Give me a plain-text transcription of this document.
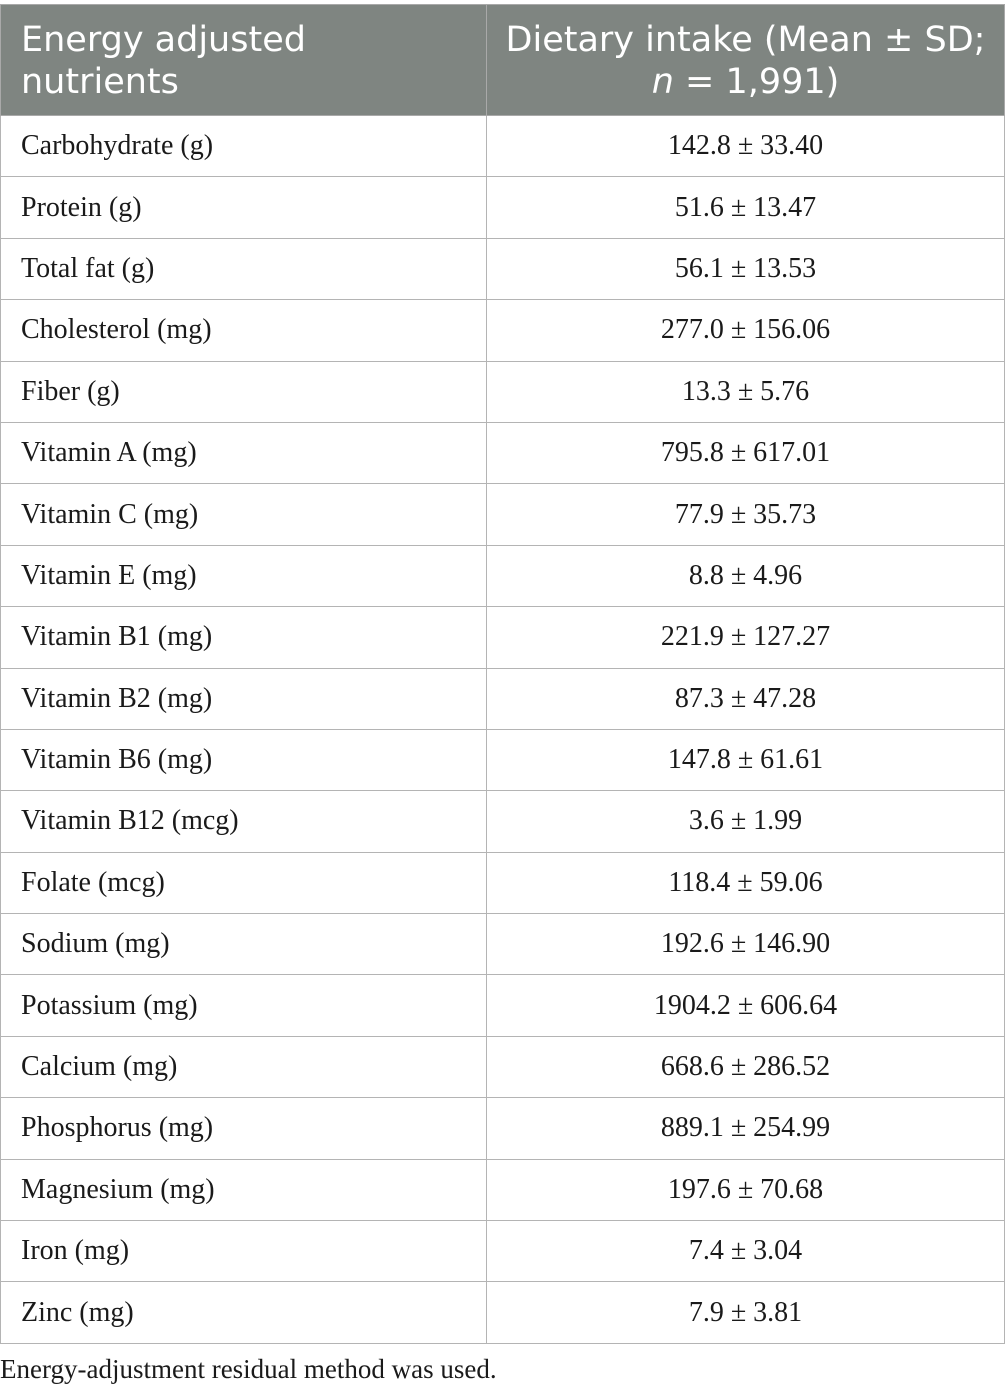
Energy adjusted nutrients	Dietary intake (Mean ± SD;
n = 1,991)
Carbohydrate (g)	142.8 ± 33.40
Protein (g)	51.6 ± 13.47
Total fat (g)	56.1 ± 13.53
Cholesterol (mg)	277.0 ± 156.06
Fiber (g)	13.3 ± 5.76
Vitamin A (mg)	795.8 ± 617.01
Vitamin C (mg)	77.9 ± 35.73
Vitamin E (mg)	8.8 ± 4.96
Vitamin B1 (mg)	221.9 ± 127.27
Vitamin B2 (mg)	87.3 ± 47.28
Vitamin B6 (mg)	147.8 ± 61.61
Vitamin B12 (mcg)	3.6 ± 1.99
Folate (mcg)	118.4 ± 59.06
Sodium (mg)	192.6 ± 146.90
Potassium (mg)	1904.2 ± 606.64
Calcium (mg)	668.6 ± 286.52
Phosphorus (mg)	889.1 ± 254.99
Magnesium (mg)	197.6 ± 70.68
Iron (mg)	7.4 ± 3.04
Zinc (mg)	7.9 ± 3.81
Energy-adjustment residual method was used.
